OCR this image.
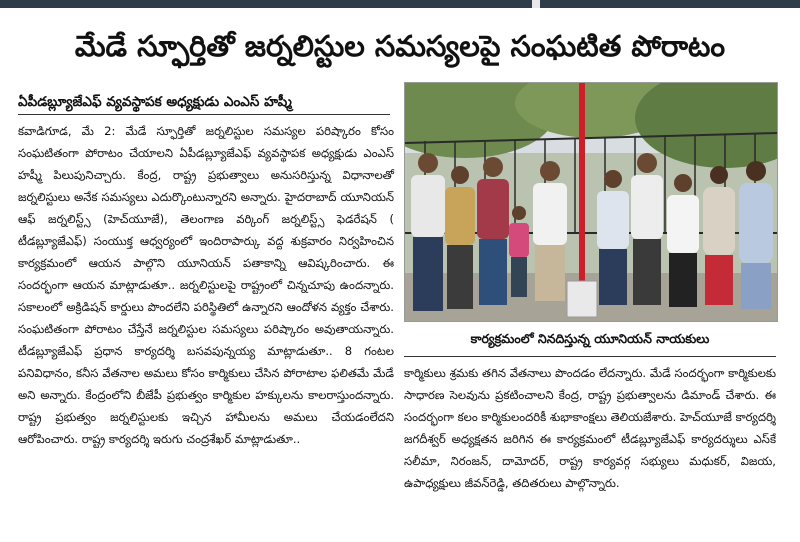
మేడే స్ఫూర్తితో జర్నలిస్టుల సమస్యలపై సంఘటిత పోరాటం
ఏపీడబ్ల్యూజేఎఫ్ వ్యవస్థాపక అధ్యక్షుడు ఎంఎస్ హష్మీ

కవాడిగూడ, మే 2: మేడే స్ఫూర్తితో జర్నలిస్టుల సమస్యల పరిష్కారం కోసం సంఘటితంగా పోరాటం చేయాలని ఏపీడబ్ల్యూజేఎఫ్ వ్యవస్థాపక అధ్యక్షుడు ఎంఎస్ హష్మీ పిలుపునిచ్చారు. కేంద్ర, రాష్ట్ర ప్రభుత్వాలు అనుసరిస్తున్న విధానాలతో జర్నలిస్టులు అనేక సమస్యలు ఎదుర్కొంటున్నారని అన్నారు. హైదరాబాద్ యూనియన్ ఆఫ్ జర్నలిస్ట్స్ (హెచ్‌యూజే), తెలంగాణ వర్కింగ్ జర్నలిస్ట్స్ ఫెడరేషన్ ( టీడబ్ల్యూజేఎఫ్) సంయుక్త ఆధ్వర్యంలో ఇందిరాపార్కు వద్ద శుక్రవారం నిర్వహించిన కార్యక్రమంలో ఆయన పాల్గొని యూనియన్ పతాకాన్ని ఆవిష్కరించారు. ఈ సందర్భంగా ఆయన మాట్లాడుతూ.. జర్నలిస్టులపై రాష్ట్రంలో చిన్నచూపు ఉందన్నారు. సకాలంలో అక్రిడిషన్ కార్డులు పొందలేని పరిస్థితిలో ఉన్నారని ఆందోళన వ్యక్తం చేశారు. సంఘటితంగా పోరాటం చేస్తేనే జర్నలిస్టుల సమస్యలు పరిష్కారం అవుతాయన్నారు. టీడబ్ల్యూజేఎఫ్ ప్రధాన కార్యదర్శి బసవపున్నయ్య మాట్లాడుతూ.. 8 గంటల పనివిధానం, కనీస వేతనాల అమలు కోసం కార్మికులు చేసిన పోరాటాల ఫలితమే మేడే అని అన్నారు. కేంద్రంలోని బీజేపీ ప్రభుత్వం కార్మికుల హక్కులను కాలరాస్తుందన్నారు. రాష్ట్ర ప్రభుత్వం జర్నలిస్టులకు ఇచ్చిన హామీలను అమలు చేయడంలేదని ఆరోపించారు. రాష్ట్ర కార్యదర్శి ఇరుగు చంద్రశేఖర్ మాట్లాడుతూ..

కార్యక్రమంలో నినదిస్తున్న యూనియన్ నాయకులు

కార్మికులు శ్రమకు తగిన వేతనాలు పొందడం లేదన్నారు. మేడే సందర్భంగా కార్మికులకు సాధారణ సెలవును ప్రకటించాలని కేంద్ర, రాష్ట్ర ప్రభుత్వాలను డిమాండ్ చేశారు. ఈ సందర్భంగా కలం కార్మికులందరికీ శుభాకాంక్షలు తెలియజేశారు. హెచ్‌యూజే కార్యదర్శి జగదీశ్వర్ అధ్యక్షతన జరిగిన ఈ కార్యక్రమంలో టీడబ్ల్యూజేఎఫ్ కార్యదర్శులు ఎస్‌కే సలీమా, నిరంజన్, దామోదర్, రాష్ట్ర కార్యవర్గ సభ్యులు మధుకర్, విజయ, ఉపాధ్యక్షులు జీవన్‌రెడ్డి, తదితరులు పాల్గొన్నారు.
